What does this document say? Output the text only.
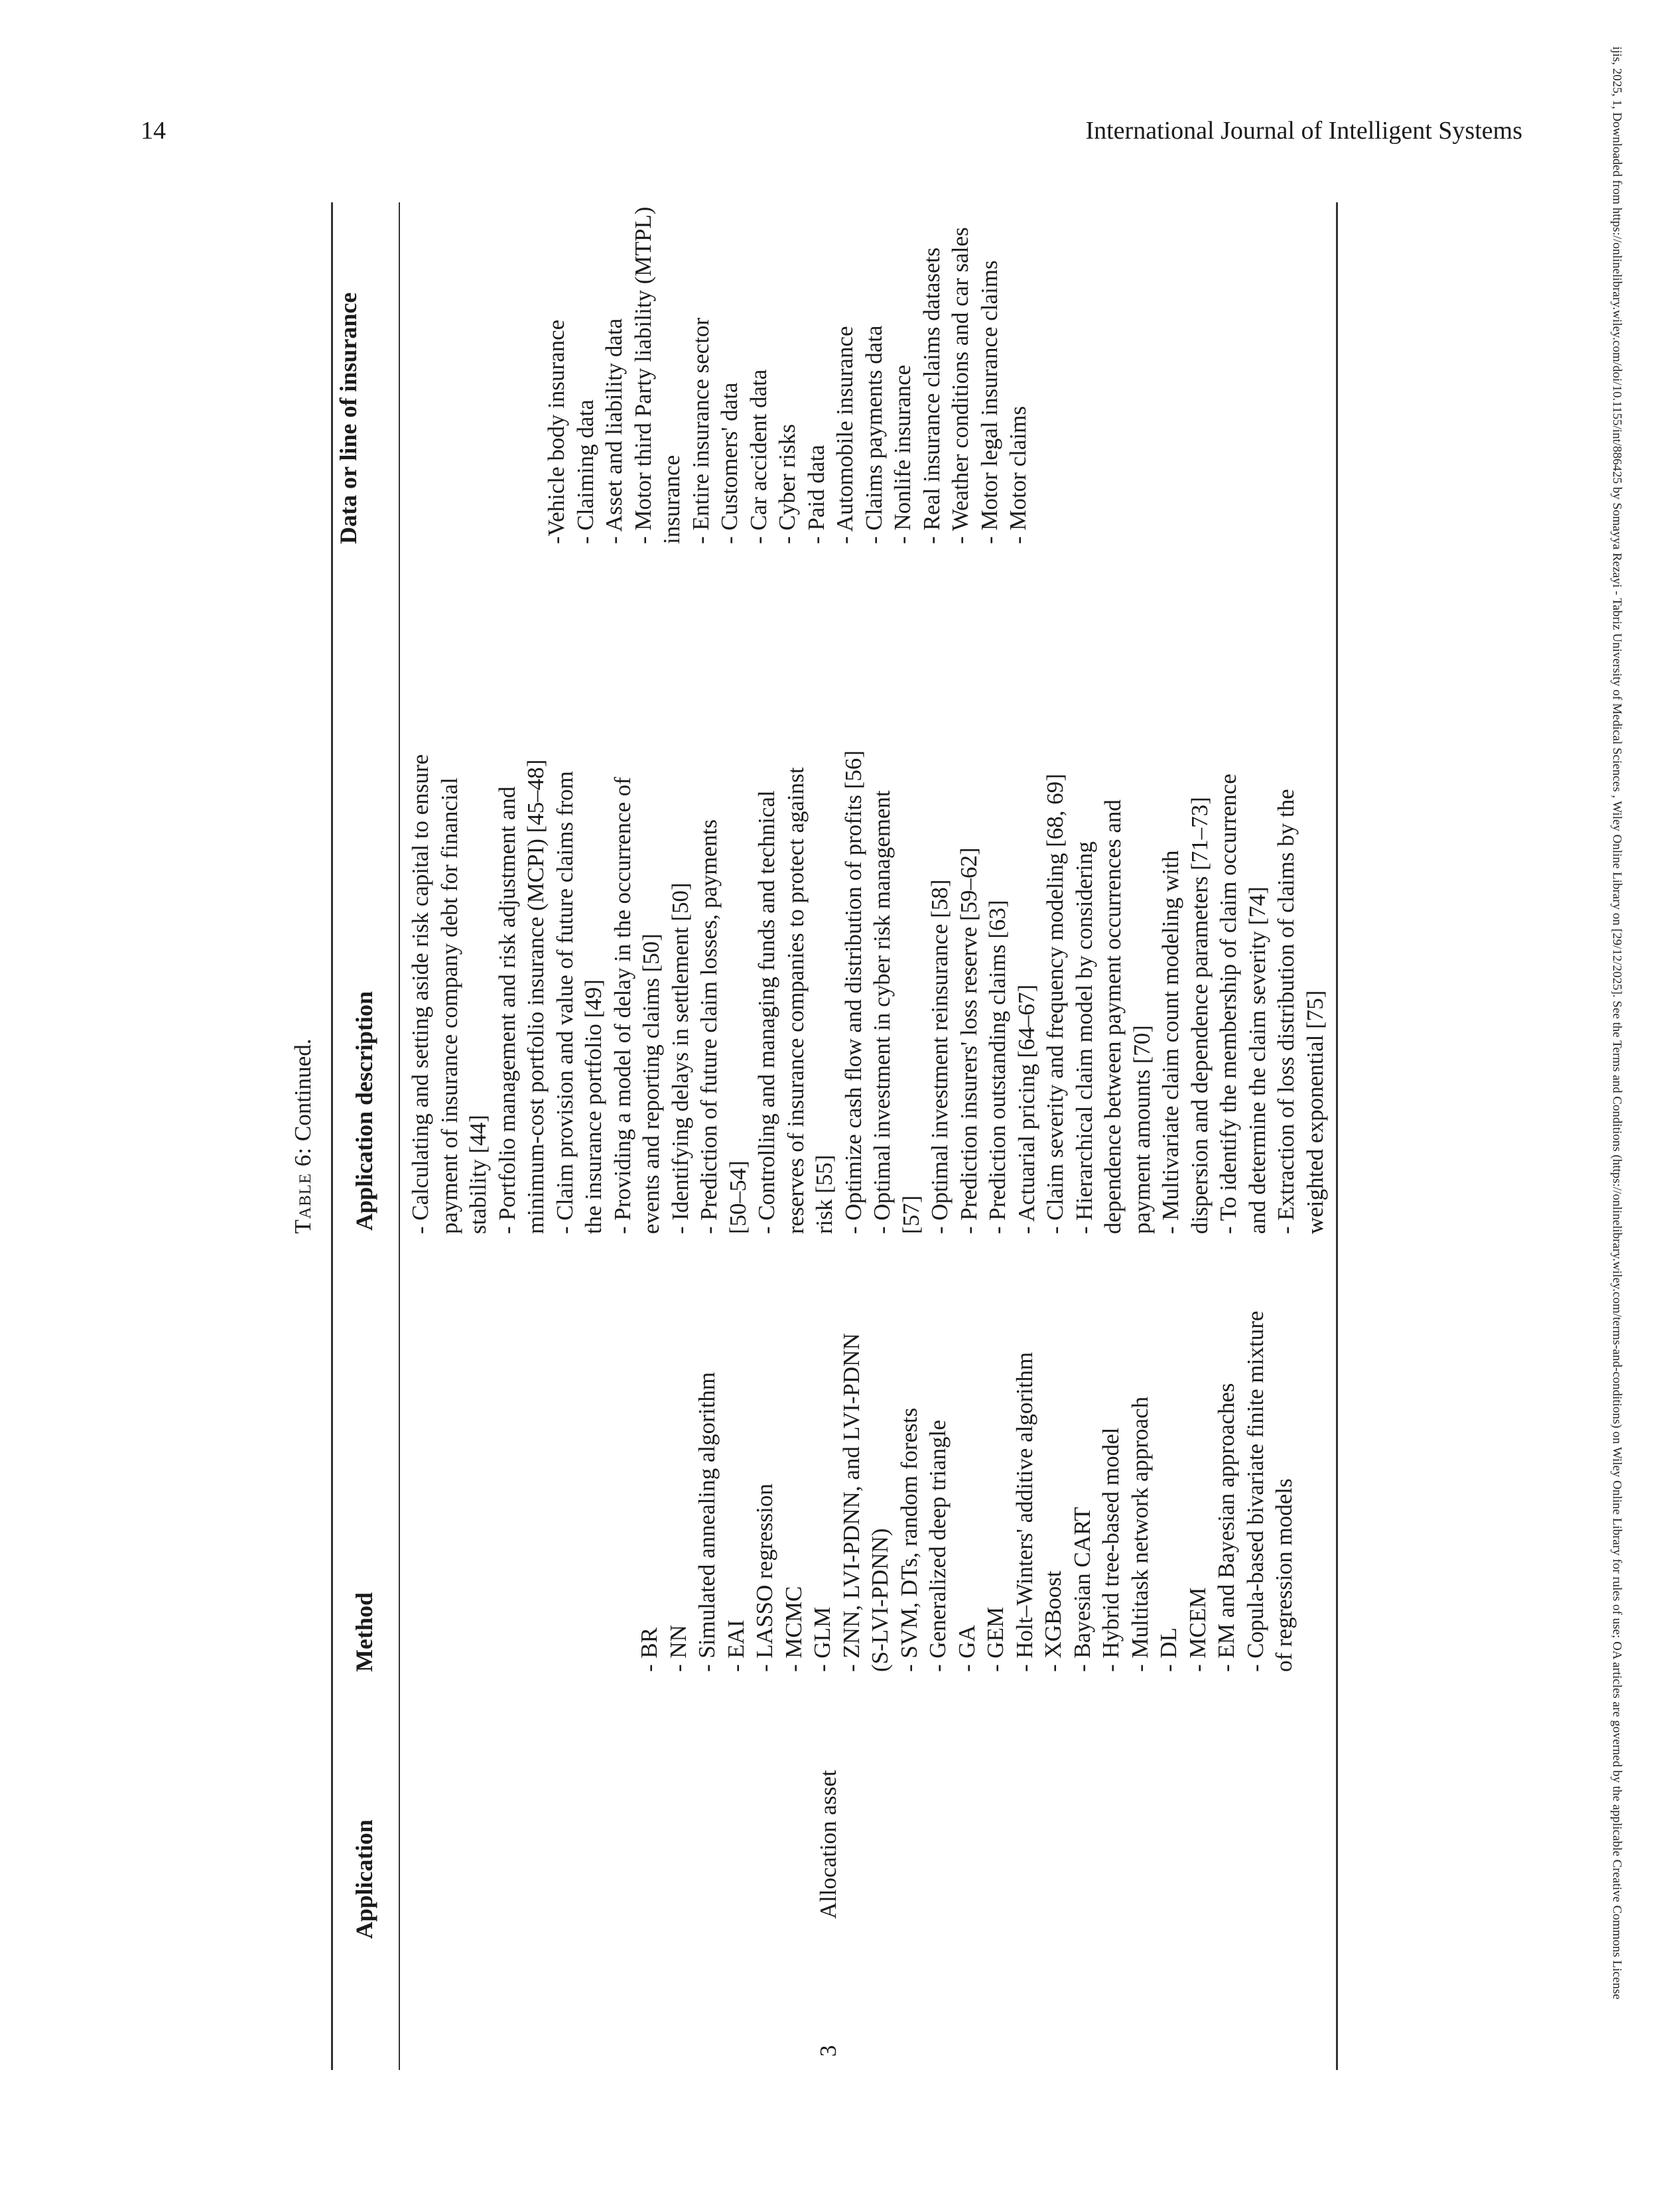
14	International Journal of Intelligent Systems	ijis, 2025, 1, Downloaded from https://onlinelibrary.wiley.com/doi/10.1155/int/886425 by Somayya Rezayi - Tabriz University of Medical Sciences , Wiley Online Library on [29/12/2025]. See the Terms and Conditions (https://onlinelibrary.wiley.com/terms-and-conditions) on Wiley Online Library for rules of use; OA articles are governed by the applicable Creative Commons License
Table 6: Continued.
Application
Method
Application description
Data or line of insurance
3
Allocation asset
- BR - NN - Simulated annealing algorithm - EAI - LASSO regression - MCMC - GLM - ZNN, LVI-PDNN, and LVI-PDNN (S-LVI-PDNN) - SVM, DTs, random forests - Generalized deep triangle - GA - GEM - Holt–Winters' additive algorithm - XGBoost - Bayesian CART - Hybrid tree-based model - Multitask network approach - DL - MCEM - EM and Bayesian approaches - Copula-based bivariate finite mixture of regression models
- Calculating and setting aside risk capital to ensure payment of insurance company debt for financial stability [44] - Portfolio management and risk adjustment and minimum-cost portfolio insurance (MCPI) [45–48] - Claim provision and value of future claims from the insurance portfolio [49] - Providing a model of delay in the occurrence of events and reporting claims [50] - Identifying delays in settlement [50] - Prediction of future claim losses, payments [50–54] - Controlling and managing funds and technical reserves of insurance companies to protect against risk [55] - Optimize cash flow and distribution of profits [56] - Optimal investment in cyber risk management [57] - Optimal investment reinsurance [58] - Prediction insurers' loss reserve [59–62] - Prediction outstanding claims [63] - Actuarial pricing [64–67] - Claim severity and frequency modeling [68, 69] - Hierarchical claim model by considering dependence between payment occurrences and payment amounts [70] - Multivariate claim count modeling with dispersion and dependence parameters [71–73] - To identify the membership of claim occurrence and determine the claim severity [74] - Extraction of loss distribution of claims by the weighted exponential [75]
-Vehicle body insurance - Claiming data - Asset and liability data - Motor third Party liability (MTPL) insurance - Entire insurance sector - Customers' data - Car accident data - Cyber risks - Paid data - Automobile insurance - Claims payments data - Nonlife insurance - Real insurance claims datasets - Weather conditions and car sales - Motor legal insurance claims - Motor claims
